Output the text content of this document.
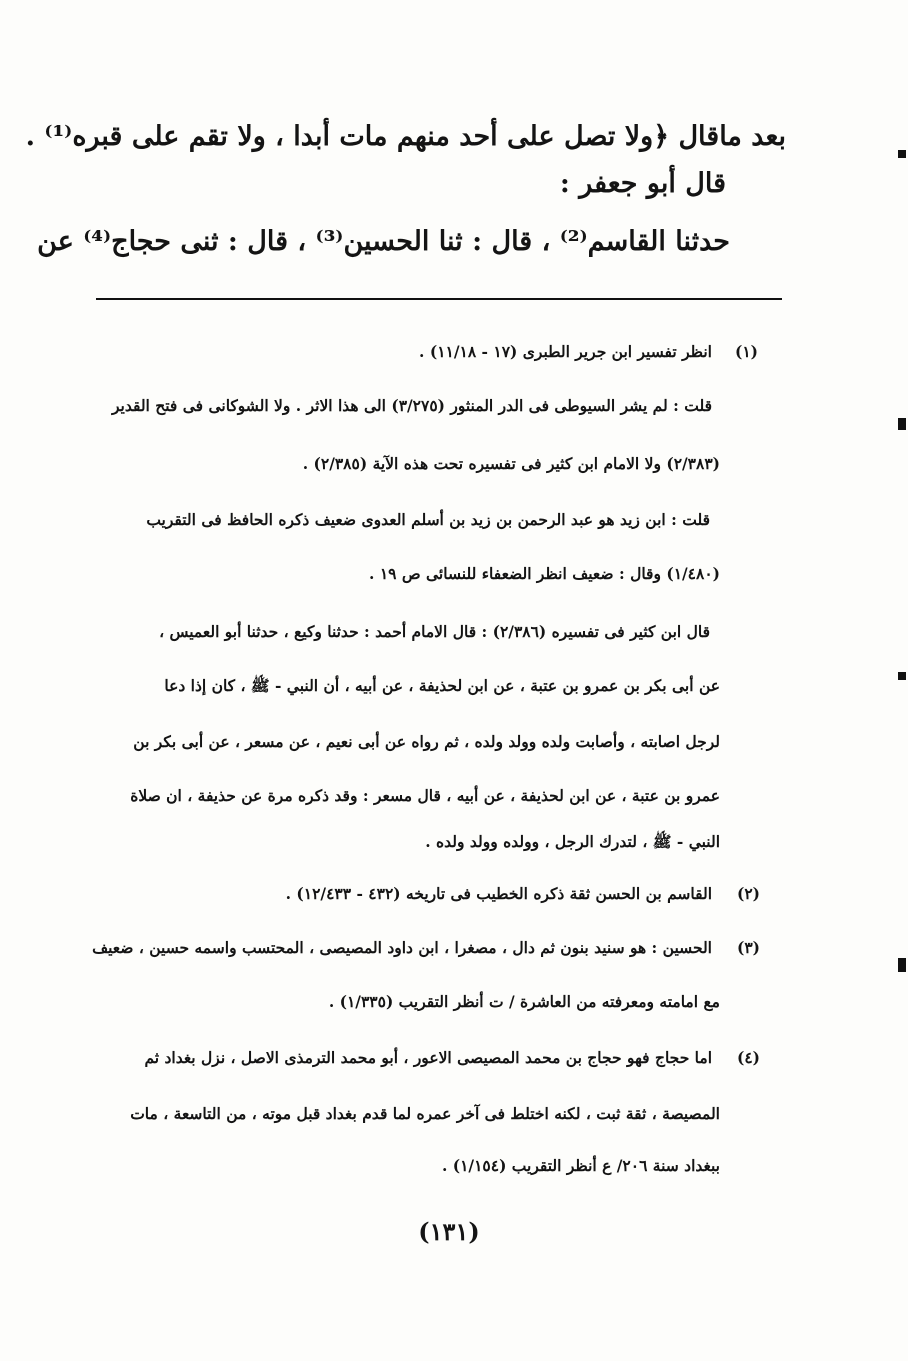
بعد ماقال ﴿ولا تصل على أحد منهم مات أبدا ، ولا تقم على قبره⁽¹⁾ .
قال أبو جعفر :
حدثنا القاسم⁽²⁾ ، قال : ثنا الحسين⁽³⁾ ، قال : ثنى حجاج⁽⁴⁾ عن
(١)
انظر تفسير ابن جرير الطبرى (١٧ - ١١/١٨) .
قلت : لم يشر السيوطى فى الدر المنثور (٣/٢٧٥) الى هذا الاثر . ولا الشوكانى فى فتح القدير
(٢/٣٨٣) ولا الامام ابن كثير فى تفسيره تحت هذه الآية (٢/٣٨٥) .
قلت : ابن زيد هو عبد الرحمن بن زيد بن أسلم العدوى ضعيف ذكره الحافظ فى التقريب
(١/٤٨٠) وقال : ضعيف انظر الضعفاء للنسائى ص ١٩ .
قال ابن كثير فى تفسيره (٢/٣٨٦) : قال الامام أحمد : حدثنا وكيع ، حدثنا أبو العميس ،
عن أبى بكر بن عمرو بن عتبة ، عن ابن لحذيفة ، عن أبيه ، أن النبي - ﷺ ، كان إذا دعا
لرجل اصابته ، وأصابت ولده وولد ولده ، ثم رواه عن أبى نعيم ، عن مسعر ، عن أبى بكر بن
عمرو بن عتبة ، عن ابن لحذيفة ، عن أبيه ، قال مسعر : وقد ذكره مرة عن حذيفة ، ان صلاة
النبي - ﷺ ، لتدرك الرجل ، وولده وولد ولده .
(٢)
القاسم بن الحسن ثقة ذكره الخطيب فى تاريخه (٤٣٢ - ١٢/٤٣٣) .
(٣)
الحسين : هو سنيد بنون ثم دال ، مصغرا ، ابن داود المصيصى ، المحتسب واسمه حسين ، ضعيف
مع امامته ومعرفته من العاشرة / ت أنظر التقريب (١/٣٣٥) .
(٤)
اما حجاج فهو حجاج بن محمد المصيصى الاعور ، أبو محمد الترمذى الاصل ، نزل بغداد ثم
المصيصة ، ثقة ثبت ، لكنه اختلط فى آخر عمره لما قدم بغداد قبل موته ، من التاسعة ، مات
ببغداد سنة ٢٠٦/ ع أنظر التقريب (١/١٥٤) .
(١٣١)
